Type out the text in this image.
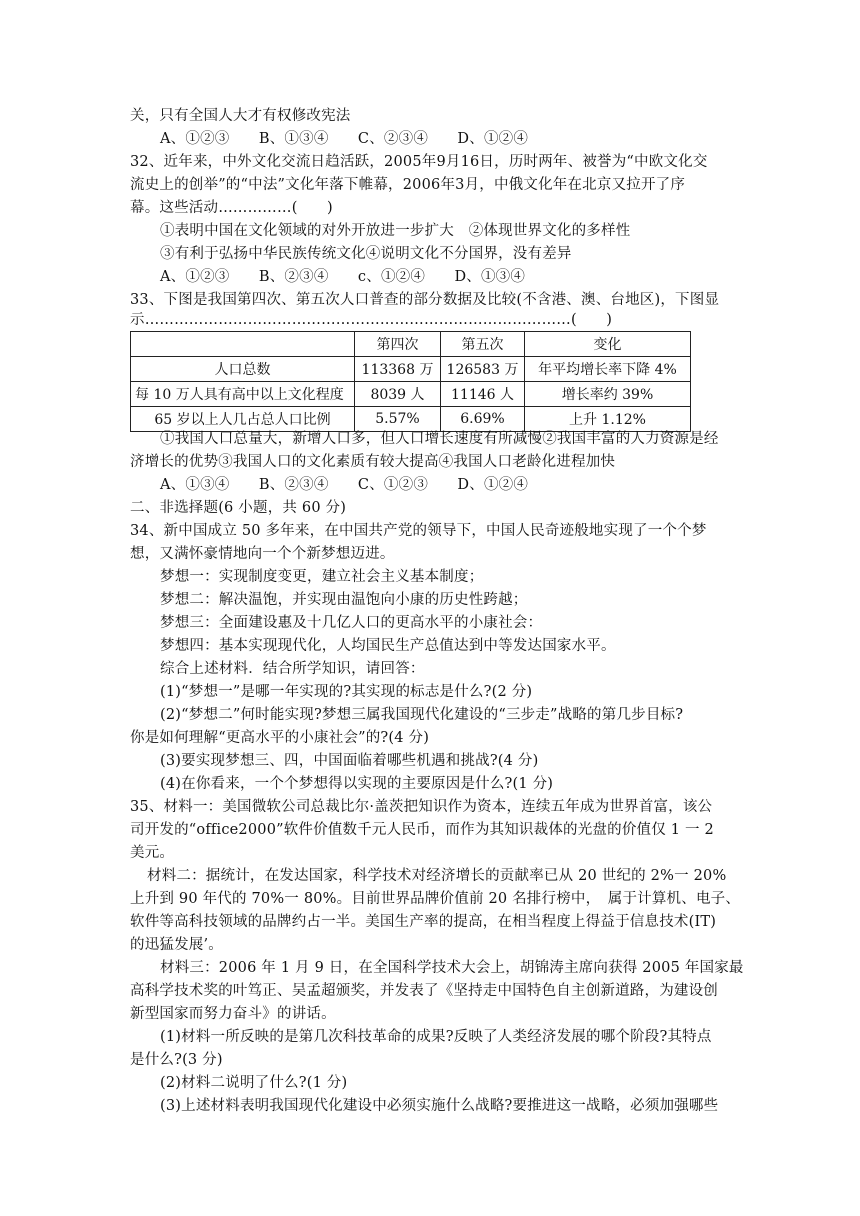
关，只有全国人大才有权修改宪法
A、①②③　　B、①③④　　C、②③④　　D、①②④
32、近年来，中外文化交流日趋活跃，2005年9月16日，历时两年、被誉为“中欧文化交
流史上的创举”的“中法”文化年落下帷幕，2006年3月，中俄文化年在北京又拉开了序
幕。这些活动……………(　　)
①表明中国在文化领域的对外开放进一步扩大　②体现世界文化的多样性
③有利于弘扬中华民族传统文化④说明文化不分国界，没有差异
A、①②③　　B、②③④　　c、①②④　　D、①③④
33、下图是我国第四次、第五次人口普查的部分数据及比较(不含港、澳、台地区)，下图显
示……………………………………………………………………………(　　)
	第四次	第五次	变化
人口总数	113368 万	126583 万	年平均增长率下降 4%
每 10 万人具有高中以上文化程度	8039 人	11146 人	增长率约 39%
65 岁以上人几占总人口比例	5.57%	6.69%	上升 1.12%
①我国人口总量大，新增人口多，但人口增长速度有所减慢②我国丰富的人力资源是经
济增长的优势③我国人口的文化素质有较大提高④我国人口老龄化进程加快
A、①③④　　B、②③④　　C、①②③　　D、①②④
二、非选择题(6 小题，共 60 分)
34、新中国成立 50 多年来，在中国共产党的领导下，中国人民奇迹般地实现了一个个梦
想，又满怀豪情地向一个个新梦想迈进。
梦想一：实现制度变更，建立社会主义基本制度；
梦想二：解决温饱，并实现由温饱向小康的历史性跨越；
梦想三：全面建设惠及十几亿人口的更高水平的小康社会：
梦想四：基本实现现代化，人均国民生产总值达到中等发达国家水平。
综合上述材料．结合所学知识，请回答：
(1)“梦想一”是哪一年实现的?其实现的标志是什么?(2 分)
(2)“梦想二”何时能实现?梦想三属我国现代化建设的“三步走”战略的第几步目标?
你是如何理解“更高水平的小康社会”的?(4 分)
(3)要实现梦想三、四，中国面临着哪些机遇和挑战?(4 分)
(4)在你看来，一个个梦想得以实现的主要原因是什么?(1 分)
35、材料一：美国微软公司总裁比尔·盖茨把知识作为资本，连续五年成为世界首富，该公
司开发的“office2000”软件价值数千元人民币，而作为其知识裁体的光盘的价值仅 1 一 2
美元。
材料二：据统计，在发达国家，科学技术对经济增长的贡献率已从 20 世纪的 2%一 20%
上升到 90 年代的 70%一 80%。目前世界品牌价值前 20 名排行榜中，　属于计算机、电子、
软件等高科技领域的品牌约占一半。美国生产率的提高，在相当程度上得益于信息技术(IT)
的迅猛发展’。
材料三：2006 年 1 月 9 日，在全国科学技术大会上，胡锦涛主席向获得 2005 年国家最
高科学技术奖的叶笃正、吴孟超颁奖，并发表了《坚持走中国特色自主创新道路，为建设创
新型国家而努力奋斗》的讲话。
(1)材料一所反映的是第几次科技革命的成果?反映了人类经济发展的哪个阶段?其特点
是什么?(3 分)
(2)材料二说明了什么?(1 分)
(3)上述材料表明我国现代化建设中必须实施什么战略?要推进这一战略，必须加强哪些
